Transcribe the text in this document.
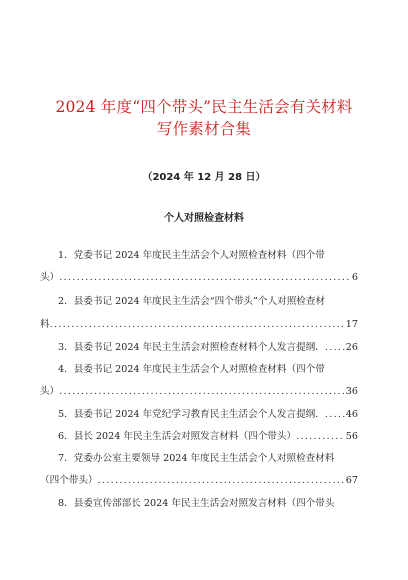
2024 年度“四个带头”民主生活会有关材料
写作素材合集
（2024 年 12 月 28 日）
个人对照检查材料
1．党委书记 2024 年度民主生活会个人对照检查材料（四个带
头） .....	6
2．县委书记 2024 年度民主生活会“四个带头”个人对照检查材
料 .....	17
3．县委书记 2024 年民主生活会对照检查材料个人发言提纲． ..... 26
4．县委书记 2024 年度民主生活会个人对照检查材料（四个带
头） .....	36
5．县委书记 2024 年党纪学习教育民主生活会个人发言提纲． ..... 46
6．县长 2024 年民主生活会对照发言材料（四个带头） .....	56
7．党委办公室主要领导 2024 年度民主生活会个人对照检查材料
（四个带头） .....	67
8．县委宣传部部长 2024 年民主生活会对照发言材料（四个带头
